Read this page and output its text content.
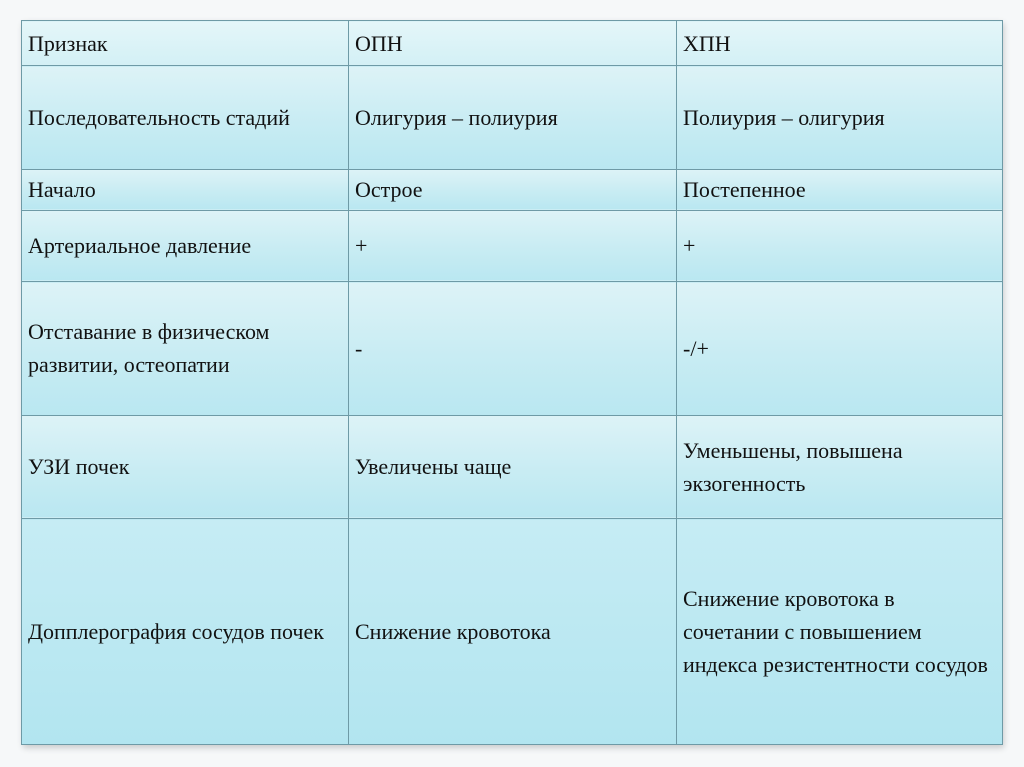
Признак	ОПН	ХПН

Последовательность стадий	Олигурия – полиурия	Полиурия – олигурия

Начало	Острое	Постепенное

Артериальное давление	+	+

Отставание в физическом развитии, остеопатии	-	-/+

УЗИ почек	Увеличены чаще	Уменьшены, повышена экзогенность

Допплерография сосудов почек	Снижение кровотока	Снижение кровотока в сочетании с повышением индекса резистентности сосудов
